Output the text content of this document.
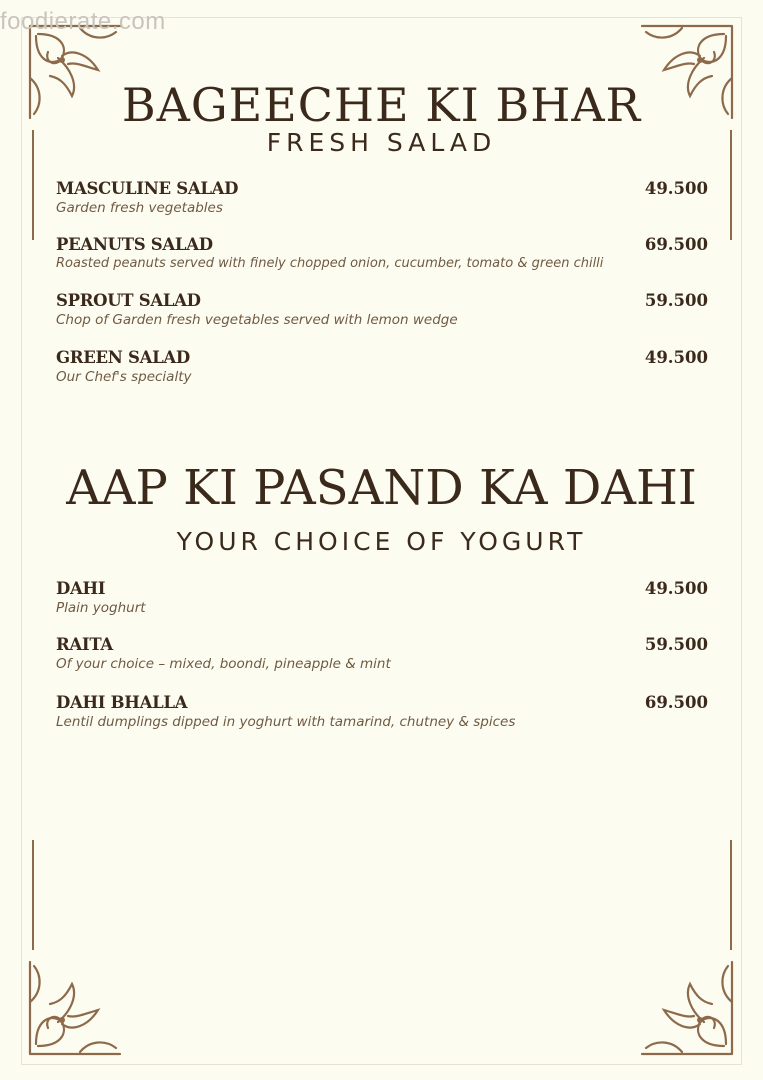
foodierate.com
BAGEECHE KI BHAR
FRESH SALAD
MASCULINE SALAD	49.500
Garden fresh vegetables
PEANUTS SALAD	69.500
Roasted peanuts served with finely chopped onion, cucumber, tomato & green chilli
SPROUT SALAD	59.500
Chop of Garden fresh vegetables served with lemon wedge
GREEN SALAD	49.500
Our Chef's specialty
AAP KI PASAND KA DAHI
YOUR CHOICE OF YOGURT
DAHI	49.500
Plain yoghurt
RAITA	59.500
Of your choice – mixed, boondi, pineapple & mint
DAHI BHALLA	69.500
Lentil dumplings dipped in yoghurt with tamarind, chutney & spices
